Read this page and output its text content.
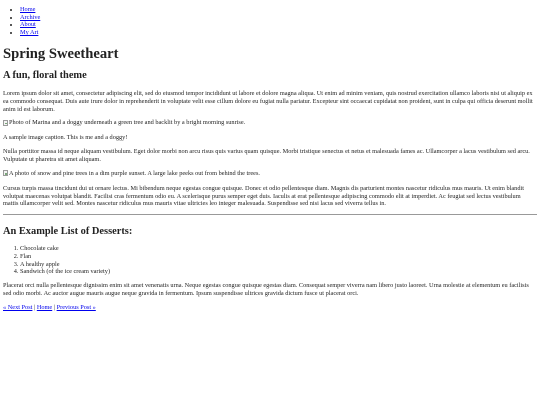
• Home
• Archive
• About
• My Art
Spring Sweetheart
A fun, floral theme

Lorem ipsum dolor sit amet, consectetur adipiscing elit, sed do eiusmod tempor incididunt ut labore et dolore magna aliqua. Ut enim ad minim veniam, quis nostrud exercitation ullamco laboris nisi ut aliquip ex ea commodo consequat. Duis aute irure dolor in reprehenderit in voluptate velit esse cillum dolore eu fugiat nulla pariatur. Excepteur sint occaecat cupidatat non proident, sunt in culpa qui officia deserunt mollit anim id est laborum.

Photo of Marina and a doggy underneath a green tree and backlit by a bright morning sunrise.

A sample image caption. This is me and a doggy!

Nulla porttitor massa id neque aliquam vestibulum. Eget dolor morbi non arcu risus quis varius quam quisque. Morbi tristique senectus et netus et malesuada fames ac. Ullamcorper a lacus vestibulum sed arcu. Vulputate ut pharetra sit amet aliquam.

A photo of snow and pine trees in a dim purple sunset. A large lake peeks out from behind the trees.

Cursus turpis massa tincidunt dui ut ornare lectus. Mi bibendum neque egestas congue quisque. Donec et odio pellentesque diam. Magnis dis parturient montes nascetur ridiculus mus mauris. Ut enim blandit volutpat maecenas volutpat blandit. Facilisi cras fermentum odio eu. A scelerisque purus semper eget duis. Iaculis at erat pellentesque adipiscing commodo elit at imperdiet. Ac feugiat sed lectus vestibulum mattis ullamcorper velit sed. Montes nascetur ridiculus mus mauris vitae ultricies leo integer malesuada. Suspendisse sed nisi lacus sed viverra tellus in.

An Example List of Desserts:
1. Chocolate cake
2. Flan
3. A healthy apple
4. Sandwich (of the ice cream variety)

Placerat orci nulla pellentesque dignissim enim sit amet venenatis urna. Neque egestas congue quisque egestas diam. Consequat semper viverra nam libero justo laoreet. Urna molestie at elementum eu facilisis sed odio morbi. Ac auctor augue mauris augue neque gravida in fermentum. Ipsum suspendisse ultrices gravida dictum fusce ut placerat orci.

« Next Post | Home | Previous Post »
